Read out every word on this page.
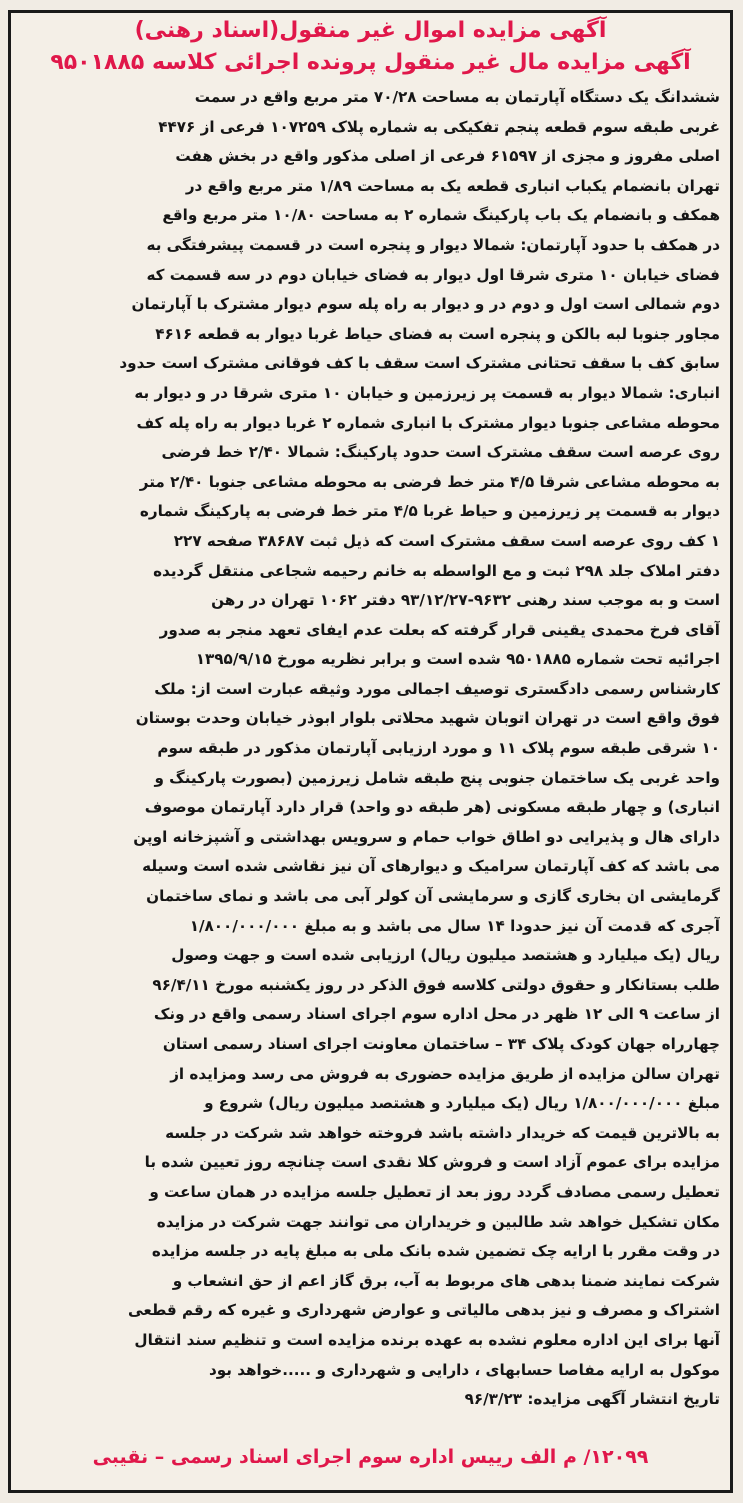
آگهی مزایده اموال غیر منقول(اسناد رهنی)
آگهی مزایده مال غیر منقول پرونده اجرائی کلاسه ۹۵۰۱۸۸۵
ششدانگ یک دستگاه آپارتمان به مساحت ۷۰/۲۸ متر مربع واقع در سمت
غربی طبقه سوم قطعه پنجم تفکیکی به شماره پلاک ۱۰۷۲۵۹ فرعی از ۴۴۷۶
اصلی مفروز و مجزی از ۶۱۵۹۷ فرعی از اصلی مذکور واقع در بخش هفت
تهران بانضمام یکباب انباری قطعه یک به مساحت ۱/۸۹ متر مربع واقع در
همکف و بانضمام یک باب پارکینگ شماره ۲ به مساحت ۱۰/۸۰ متر مربع واقع
در همکف با حدود آپارتمان: شمالا دیوار و پنجره است در قسمت پیشرفتگی به
فضای خیابان ۱۰ متری شرقا اول دیوار به فضای خیابان دوم در سه قسمت که
دوم شمالی است اول و دوم در و دیوار به راه پله سوم دیوار مشترک با آپارتمان
مجاور جنوبا لبه بالکن و پنجره است به فضای حیاط غربا دیوار به قطعه ۴۶۱۶
سابق کف با سقف تحتانی مشترک است سقف با کف فوقانی مشترک است حدود
انباری: شمالا دیوار به قسمت پر زیرزمین و خیابان ۱۰ متری شرقا در و دیوار به
محوطه مشاعی جنوبا دیوار مشترک با انباری شماره ۲ غربا دیوار به راه پله کف
روی عرصه است سقف مشترک است حدود پارکینگ: شمالا ۲/۴۰ خط فرضی
به محوطه مشاعی شرقا ۴/۵ متر خط فرضی به محوطه مشاعی جنوبا ۲/۴۰ متر
دیوار به قسمت پر زیرزمین و حیاط غربا ۴/۵ متر خط فرضی به پارکینگ شماره
۱ کف روی عرصه است سقف مشترک است که ذیل ثبت ۳۸۶۸۷ صفحه ۲۲۷
دفتر املاک جلد ۲۹۸ ثبت و مع الواسطه به خانم رحیمه شجاعی منتقل گردیده
است و به موجب سند رهنی ۹۶۳۲-۹۳/۱۲/۲۷ دفتر ۱۰۶۲ تهران در رهن
آقای فرخ محمدی یقینی قرار گرفته که بعلت عدم ایفای تعهد منجر به صدور
اجرائیه تحت شماره ۹۵۰۱۸۸۵ شده است و برابر نظریه مورخ ۱۳۹۵/۹/۱۵
کارشناس رسمی دادگستری توصیف اجمالی مورد وثیقه عبارت است از: ملک
فوق واقع است در تهران اتوبان شهید محلاتی بلوار ابوذر خیابان وحدت بوستان
۱۰ شرقی طبقه سوم پلاک ۱۱ و مورد ارزیابی آپارتمان مذکور در طبقه سوم
واحد غربی یک ساختمان جنوبی پنج طبقه شامل زیرزمین (بصورت پارکینگ و
انباری) و چهار طبقه مسکونی (هر طبقه دو واحد) قرار دارد آپارتمان موصوف
دارای هال و پذیرایی دو اطاق خواب حمام و سرویس بهداشتی و آشپزخانه اوپن
می باشد که کف آپارتمان سرامیک و دیوارهای آن نیز نقاشی شده است وسیله
گرمایشی ان بخاری گازی و سرمایشی آن کولر آبی می باشد و نمای ساختمان
آجری که قدمت آن نیز حدودا ۱۴ سال می باشد و به مبلغ ۱/۸۰۰/۰۰۰/۰۰۰
ریال (یک میلیارد و هشتصد میلیون ریال) ارزیابی شده است و جهت وصول
طلب بستانکار و حقوق دولتی کلاسه فوق الذکر در روز یکشنبه مورخ ۹۶/۴/۱۱
از ساعت ۹ الی ۱۲ ظهر در محل اداره سوم اجرای اسناد رسمی واقع در ونک
چهارراه جهان کودک پلاک ۳۴ – ساختمان معاونت اجرای اسناد رسمی استان
تهران سالن مزایده از طریق مزایده حضوری به فروش می رسد ومزایده از
مبلغ ۱/۸۰۰/۰۰۰/۰۰۰ ریال (یک میلیارد و هشتصد میلیون ریال) شروع و
به بالاترین قیمت که خریدار داشته باشد فروخته خواهد شد شرکت در جلسه
مزایده برای عموم آزاد است و فروش کلا نقدی است چنانچه روز تعیین شده با
تعطیل رسمی مصادف گردد روز بعد از تعطیل جلسه مزایده در همان ساعت و
مکان تشکیل خواهد شد طالبین و خریداران می توانند جهت شرکت در مزایده
در وقت مقرر با ارایه چک تضمین شده بانک ملی به مبلغ پایه در جلسه مزایده
شرکت نمایند ضمنا بدهی های مربوط به آب، برق گاز اعم از حق انشعاب و
اشتراک و مصرف و نیز بدهی مالیاتی و عوارض شهرداری و غیره که رقم قطعی
آنها برای این اداره معلوم نشده به عهده برنده مزایده است و تنظیم سند انتقال
موکول به ارایه مفاصا حسابهای ، دارایی و شهرداری و .....خواهد بود
تاریخ انتشار آگهی مزایده: ۹۶/۳/۲۳
۱۲۰۹۹/ م الف رییس اداره سوم اجرای اسناد رسمی – نقیبی
